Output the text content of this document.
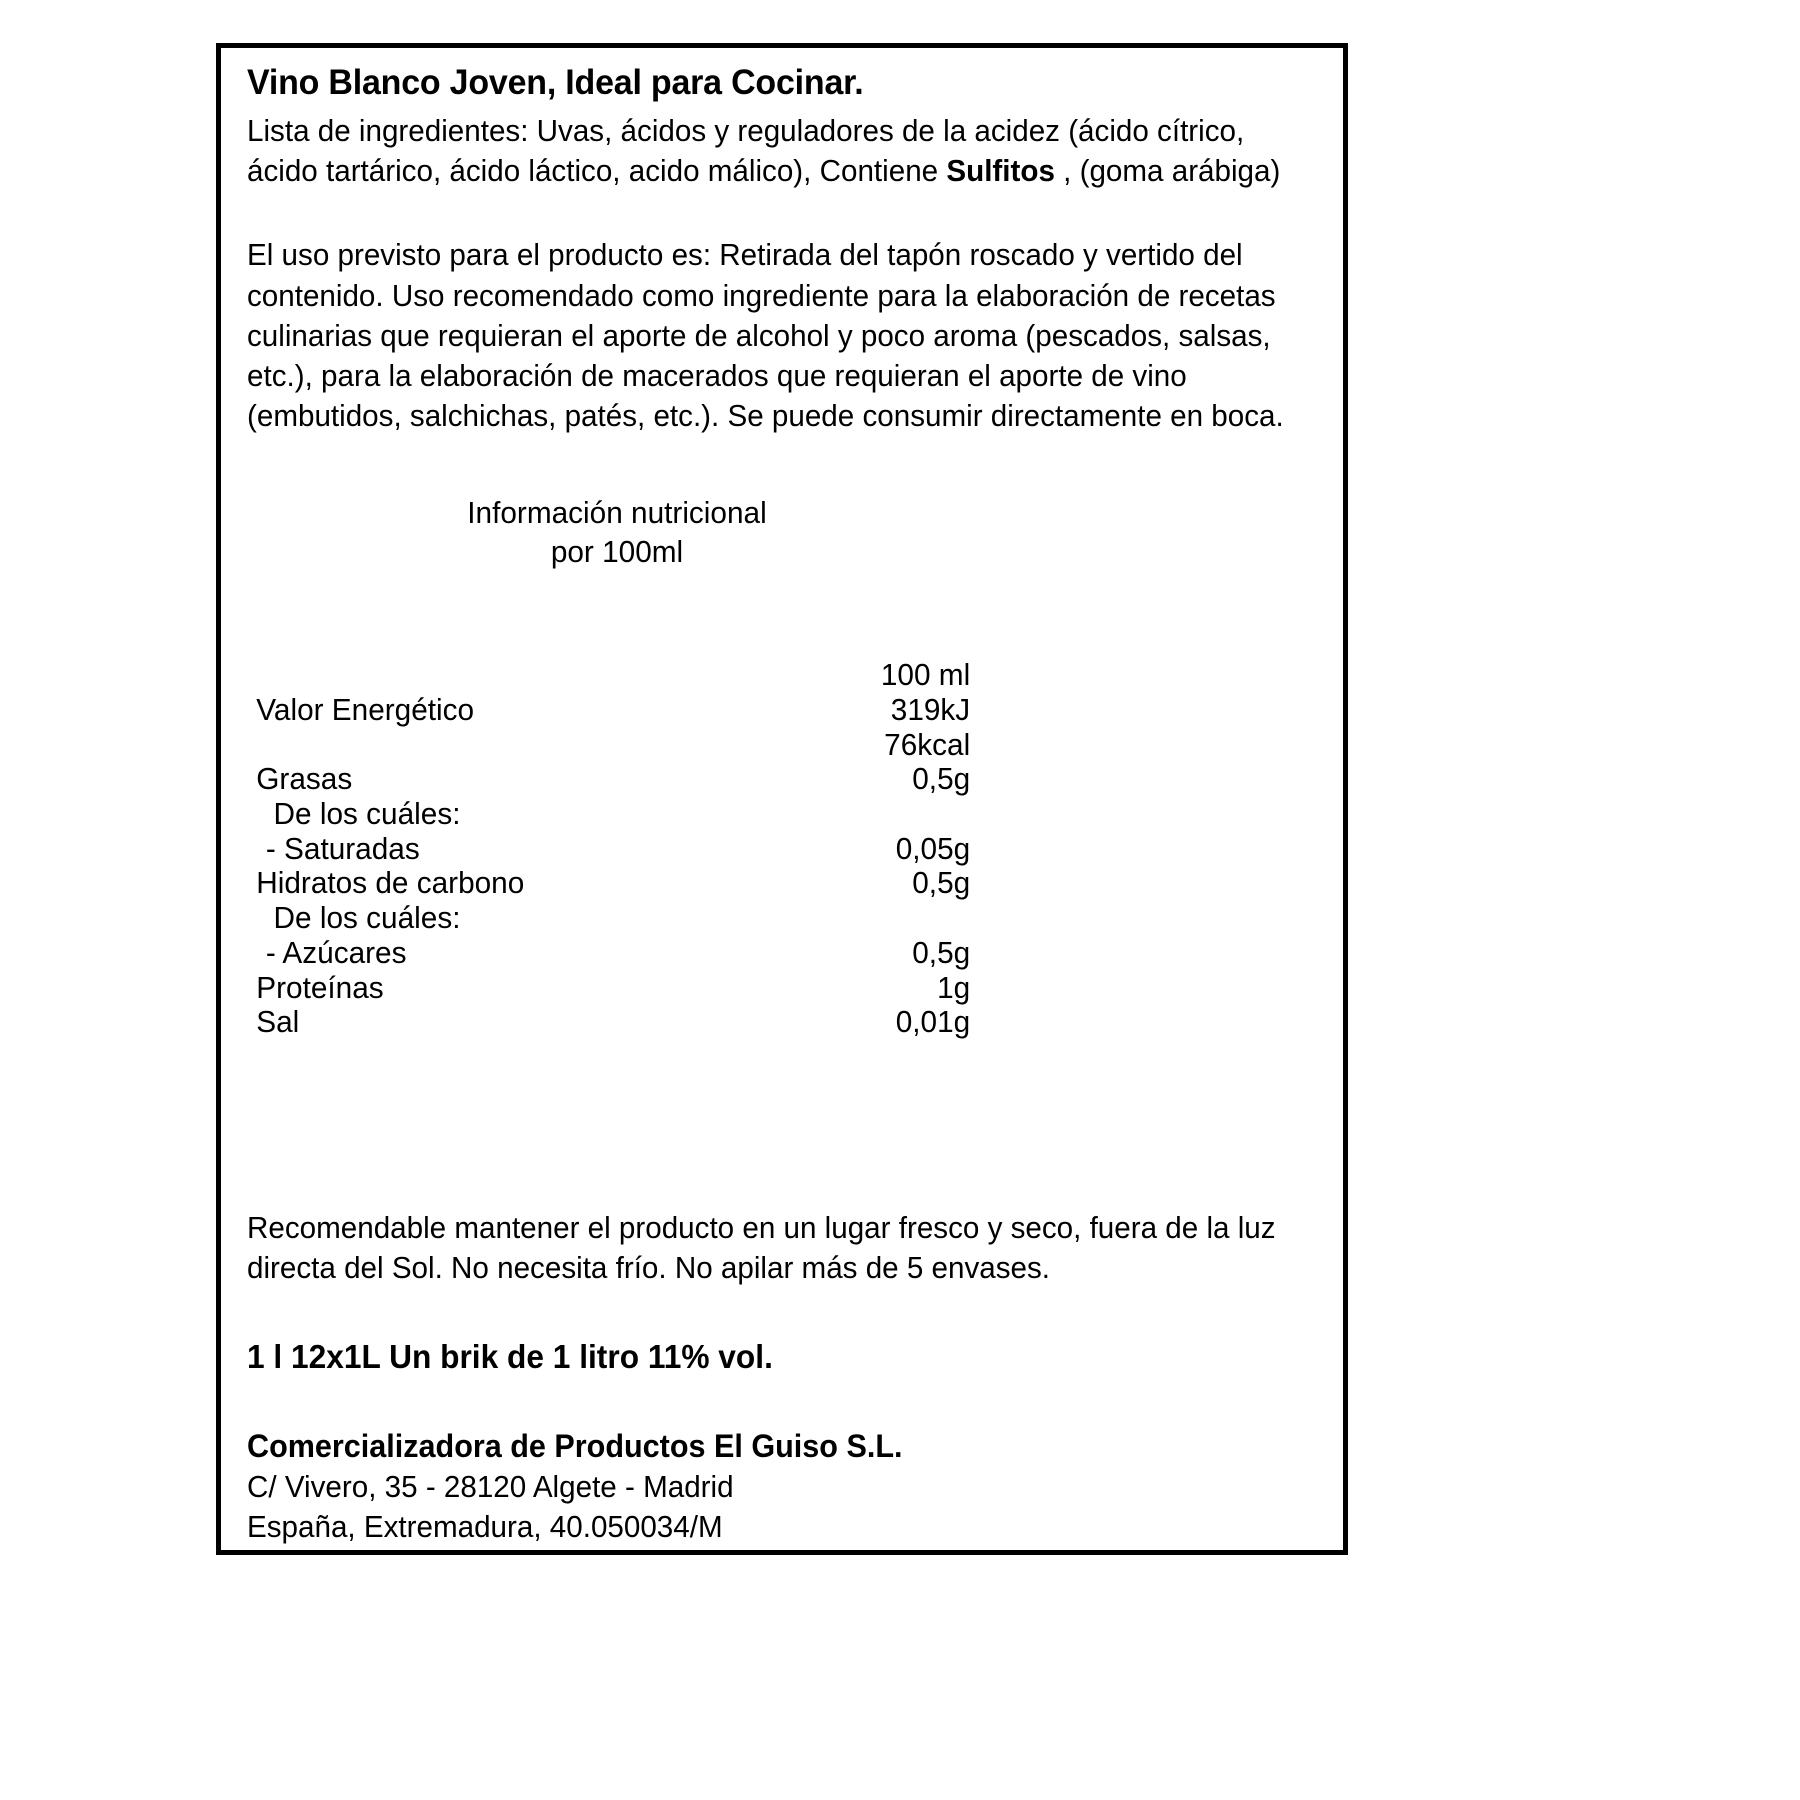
Vino Blanco Joven, Ideal para Cocinar.

Lista de ingredientes: Uvas, ácidos y reguladores de la acidez (ácido cítrico, ácido tartárico, ácido láctico, acido málico), Contiene Sulfitos , (goma arábiga)

El uso previsto para el producto es: Retirada del tapón roscado y vertido del contenido. Uso recomendado como ingrediente para la elaboración de recetas culinarias que requieran el aporte de alcohol y poco aroma (pescados, salsas, etc.), para la elaboración de macerados que requieran el aporte de vino (embutidos, salchichas, patés, etc.). Se puede consumir directamente en boca.

Información nutricional
por 100ml
	100 ml
Valor Energético	319kJ
	76kcal
Grasas	0,5g
De los cuáles:	
- Saturadas	0,05g
Hidratos de carbono	0,5g
De los cuáles:	
- Azúcares	0,5g
Proteínas	1g
Sal	0,01g

Recomendable mantener el producto en un lugar fresco y seco, fuera de la luz directa del Sol. No necesita frío. No apilar más de 5 envases.

1 l 12x1L Un brik de 1 litro 11% vol.
Comercializadora de Productos El Guiso S.L.
C/ Vivero, 35 - 28120 Algete - Madrid
España, Extremadura, 40.050034/M
